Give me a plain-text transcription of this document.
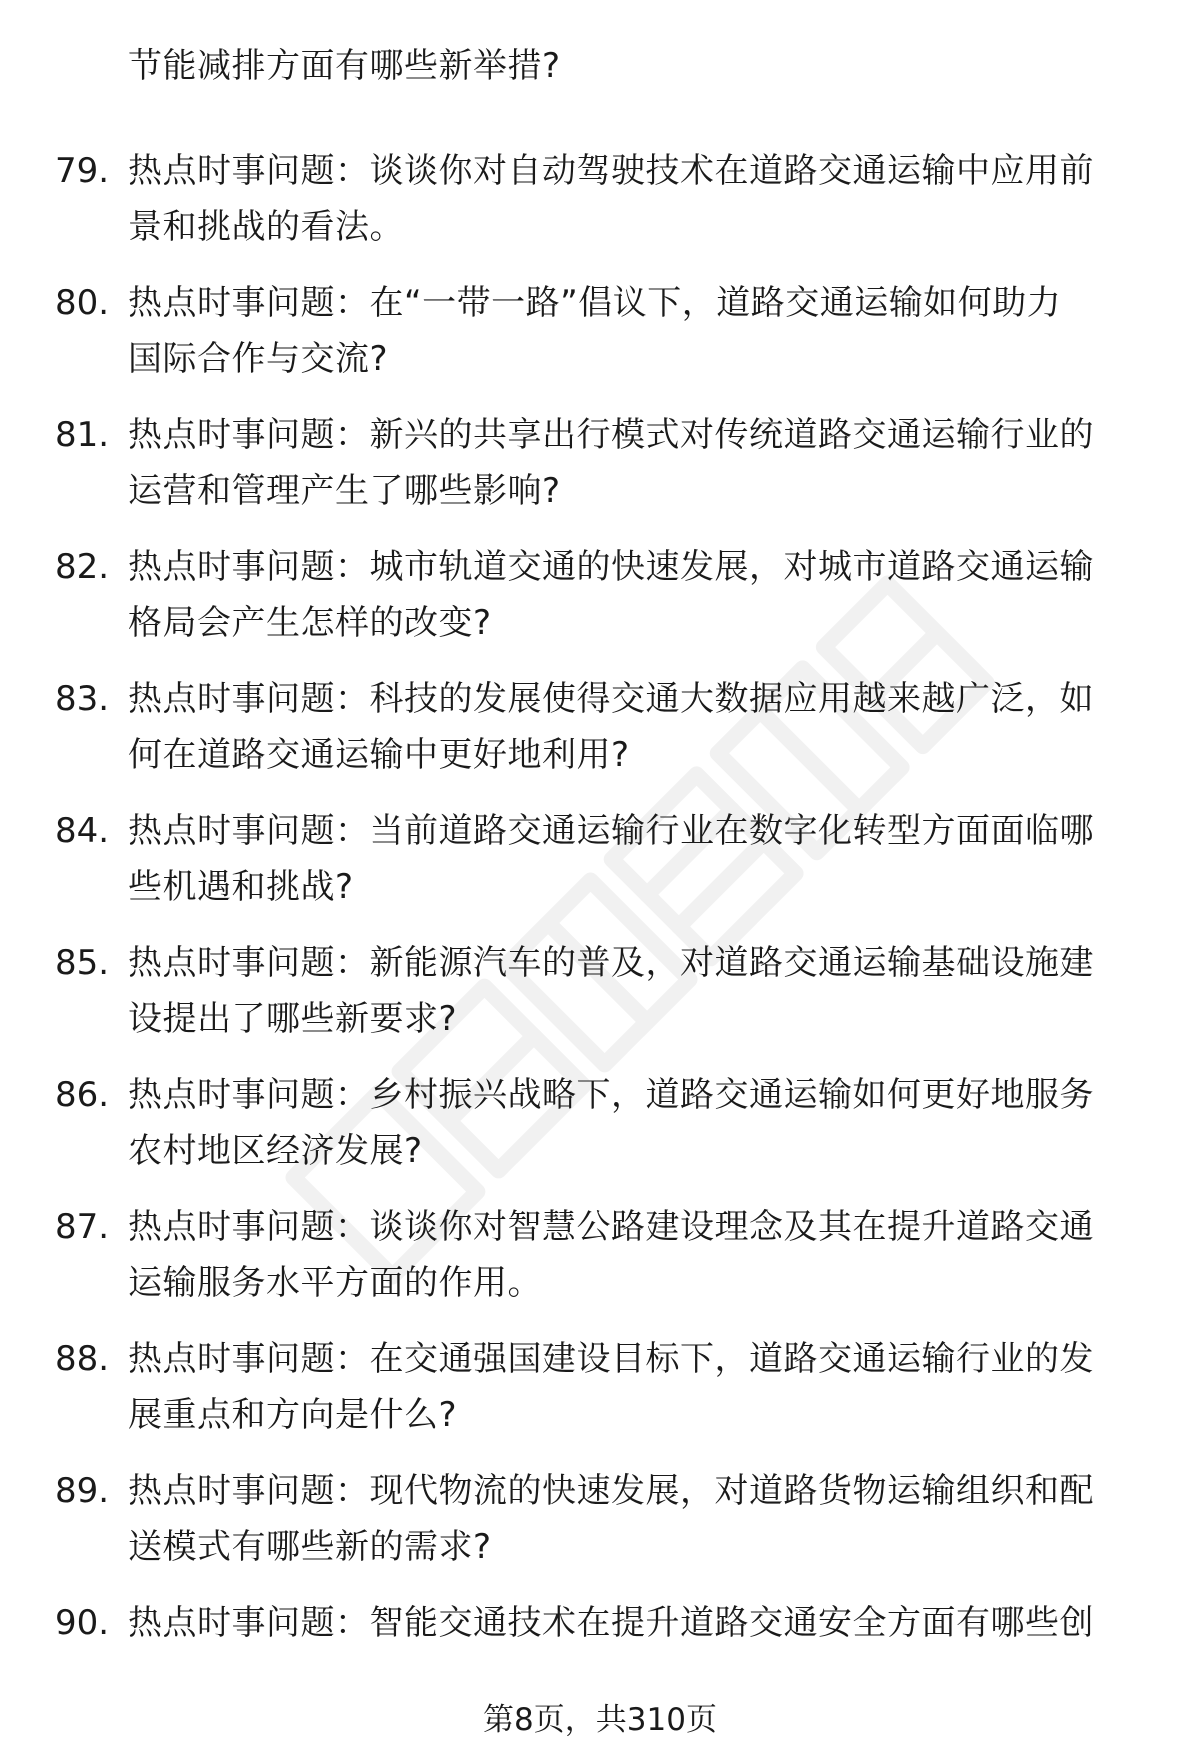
节能减排方面有哪些新举措?
79. 热点时事问题：谈谈你对自动驾驶技术在道路交通运输中应用前
景和挑战的看法。
80. 热点时事问题：在“一带一路”倡议下，道路交通运输如何助力
国际合作与交流?
81. 热点时事问题：新兴的共享出行模式对传统道路交通运输行业的
运营和管理产生了哪些影响?
82. 热点时事问题：城市轨道交通的快速发展，对城市道路交通运输
格局会产生怎样的改变?
83. 热点时事问题：科技的发展使得交通大数据应用越来越广泛，如
何在道路交通运输中更好地利用?
84. 热点时事问题：当前道路交通运输行业在数字化转型方面面临哪
些机遇和挑战?
85. 热点时事问题：新能源汽车的普及，对道路交通运输基础设施建
设提出了哪些新要求?
86. 热点时事问题：乡村振兴战略下，道路交通运输如何更好地服务
农村地区经济发展?
87. 热点时事问题：谈谈你对智慧公路建设理念及其在提升道路交通
运输服务水平方面的作用。
88. 热点时事问题：在交通强国建设目标下，道路交通运输行业的发
展重点和方向是什么?
89. 热点时事问题：现代物流的快速发展，对道路货物运输组织和配
送模式有哪些新的需求?
90. 热点时事问题：智能交通技术在提升道路交通安全方面有哪些创
第8页，共310页
